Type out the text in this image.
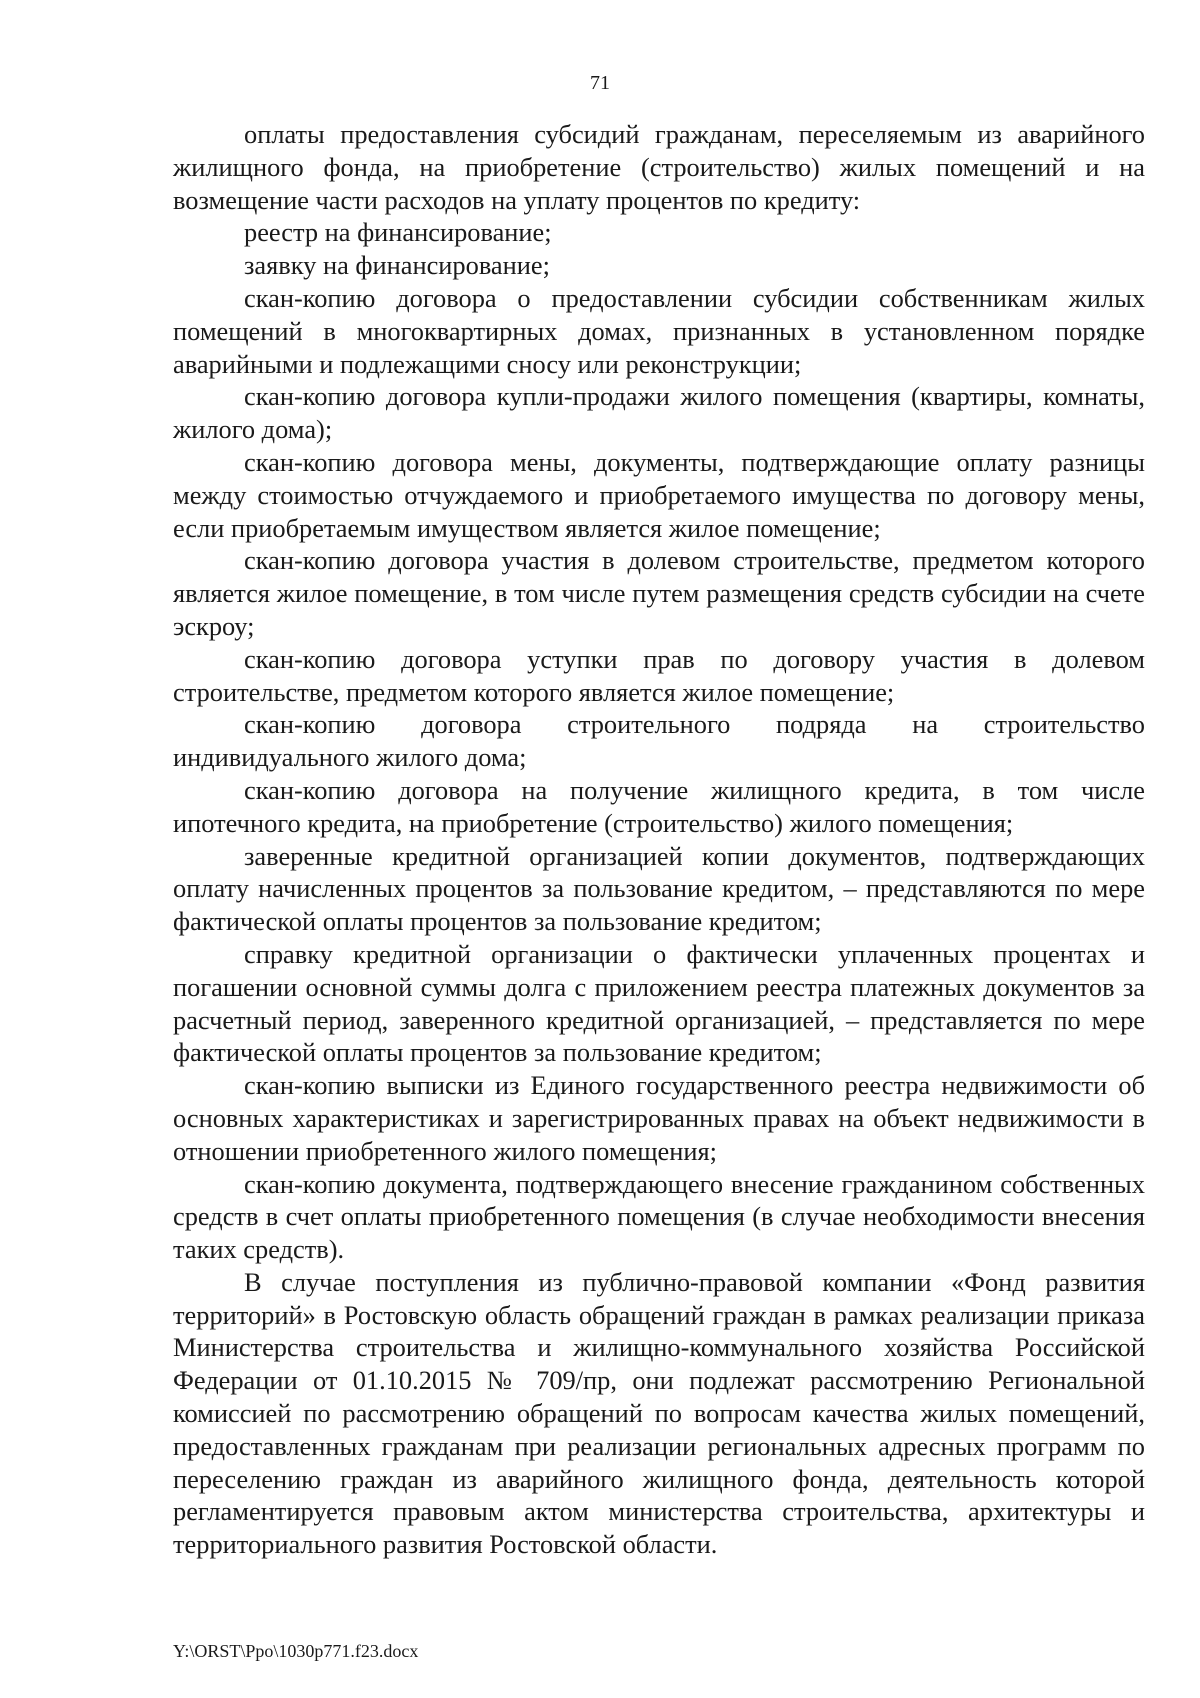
71

оплаты предоставления субсидий гражданам, переселяемым из аварийного жилищного фонда, на приобретение (строительство) жилых помещений и на возмещение части расходов на уплату процентов по кредиту:

реестр на финансирование;

заявку на финансирование;

скан-копию договора о предоставлении субсидии собственникам жилых помещений в многоквартирных домах, признанных в установленном порядке аварийными и подлежащими сносу или реконструкции;

скан-копию договора купли-продажи жилого помещения (квартиры, комнаты, жилого дома);

скан-копию договора мены, документы, подтверждающие оплату разницы между стоимостью отчуждаемого и приобретаемого имущества по договору мены, если приобретаемым имуществом является жилое помещение;

скан-копию договора участия в долевом строительстве, предметом которого является жилое помещение, в том числе путем размещения средств субсидии на счете эскроу;

скан-копию договора уступки прав по договору участия в долевом строительстве, предметом которого является жилое помещение;

скан-копию договора строительного подряда на строительство индивидуального жилого дома;

скан-копию договора на получение жилищного кредита, в том числе ипотечного кредита, на приобретение (строительство) жилого помещения;

заверенные кредитной организацией копии документов, подтверждающих оплату начисленных процентов за пользование кредитом, – представляются по мере фактической оплаты процентов за пользование кредитом;

справку кредитной организации о фактически уплаченных процентах и погашении основной суммы долга с приложением реестра платежных документов за расчетный период, заверенного кредитной организацией, – представляется по мере фактической оплаты процентов за пользование кредитом;

скан-копию выписки из Единого государственного реестра недвижимости об основных характеристиках и зарегистрированных правах на объект недвижимости в отношении приобретенного жилого помещения;

скан-копию документа, подтверждающего внесение гражданином собственных средств в счет оплаты приобретенного помещения (в случае необходимости внесения таких средств).

В случае поступления из публично-правовой компании «Фонд развития территорий» в Ростовскую область обращений граждан в рамках реализации приказа Министерства строительства и жилищно-коммунального хозяйства Российской Федерации от 01.10.2015 № 709/пр, они подлежат рассмотрению Региональной комиссией по рассмотрению обращений по вопросам качества жилых помещений, предоставленных гражданам при реализации региональных адресных программ по переселению граждан из аварийного жилищного фонда, деятельность которой регламентируется правовым актом министерства строительства, архитектуры и территориального развития Ростовской области.

Y:\ORST\Ppo\1030p771.f23.docx
